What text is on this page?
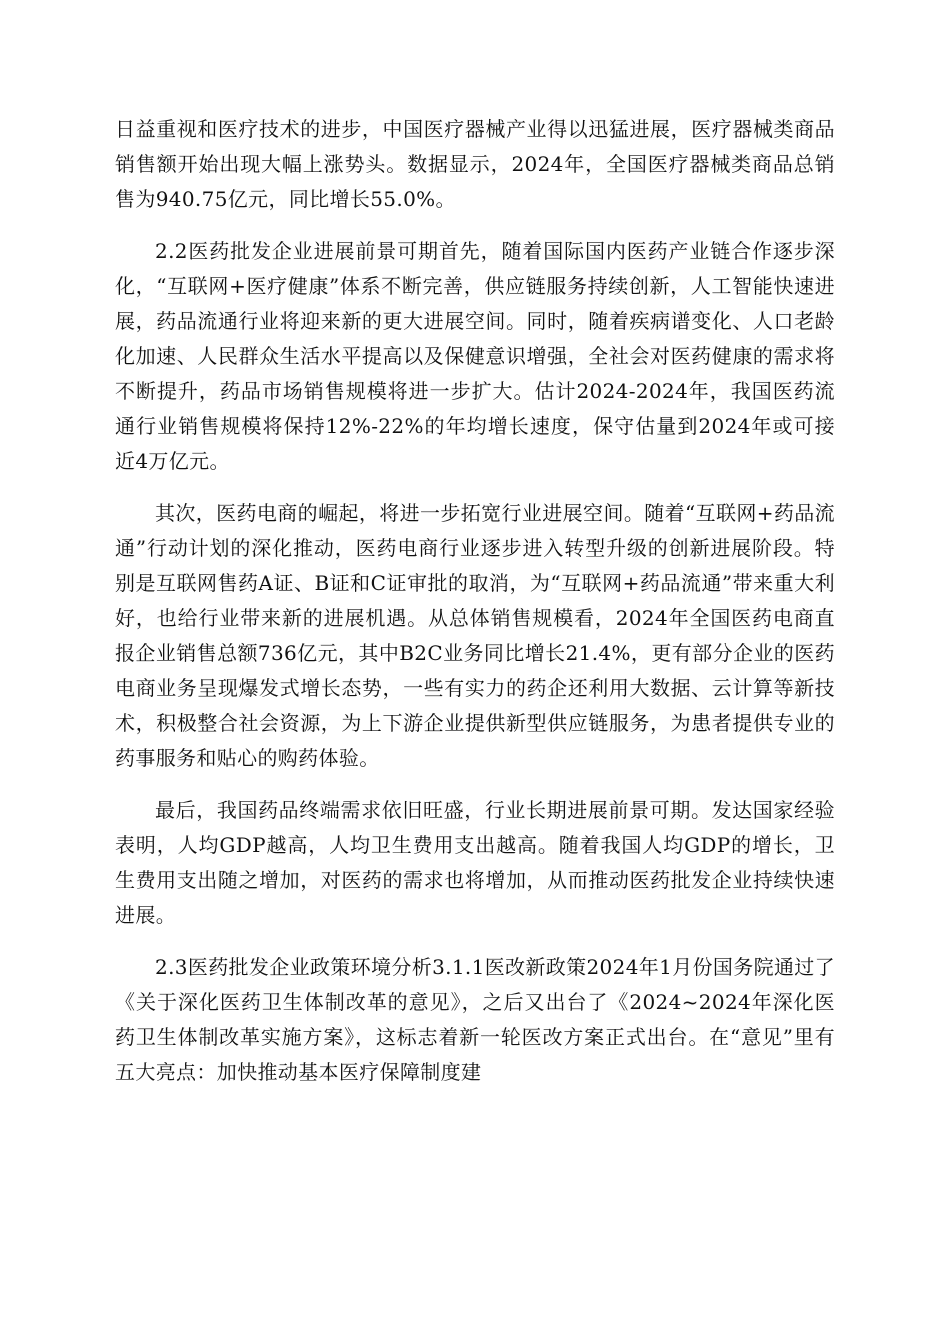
日益重视和医疗技术的进步，中国医疗器械产业得以迅猛进展，医疗器械类商品销售额开始出现大幅上涨势头。数据显示，2024年，全国医疗器械类商品总销售为940.75亿元，同比增长55.0%。

2.2医药批发企业进展前景可期首先，随着国际国内医药产业链合作逐步深化，“互联网+医疗健康”体系不断完善，供应链服务持续创新，人工智能快速进展，药品流通行业将迎来新的更大进展空间。同时，随着疾病谱变化、人口老龄化加速、人民群众生活水平提高以及保健意识增强，全社会对医药健康的需求将不断提升，药品市场销售规模将进一步扩大。估计2024-2024年，我国医药流通行业销售规模将保持12%-22%的年均增长速度，保守估量到2024年或可接近4万亿元。

其次，医药电商的崛起，将进一步拓宽行业进展空间。随着“互联网+药品流通”行动计划的深化推动，医药电商行业逐步进入转型升级的创新进展阶段。特别是互联网售药A证、B证和C证审批的取消，为“互联网+药品流通”带来重大利好，也给行业带来新的进展机遇。从总体销售规模看，2024年全国医药电商直报企业销售总额736亿元，其中B2C业务同比增长21.4%，更有部分企业的医药电商业务呈现爆发式增长态势，一些有实力的药企还利用大数据、云计算等新技术，积极整合社会资源，为上下游企业提供新型供应链服务，为患者提供专业的药事服务和贴心的购药体验。

最后，我国药品终端需求依旧旺盛，行业长期进展前景可期。发达国家经验表明，人均GDP越高，人均卫生费用支出越高。随着我国人均GDP的增长，卫生费用支出随之增加，对医药的需求也将增加，从而推动医药批发企业持续快速进展。

2.3医药批发企业政策环境分析3.1.1医改新政策2024年1月份国务院通过了《关于深化医药卫生体制改革的意见》，之后又出台了《2024~2024年深化医药卫生体制改革实施方案》，这标志着新一轮医改方案正式出台。在“意见”里有五大亮点：加快推动基本医疗保障制度建
